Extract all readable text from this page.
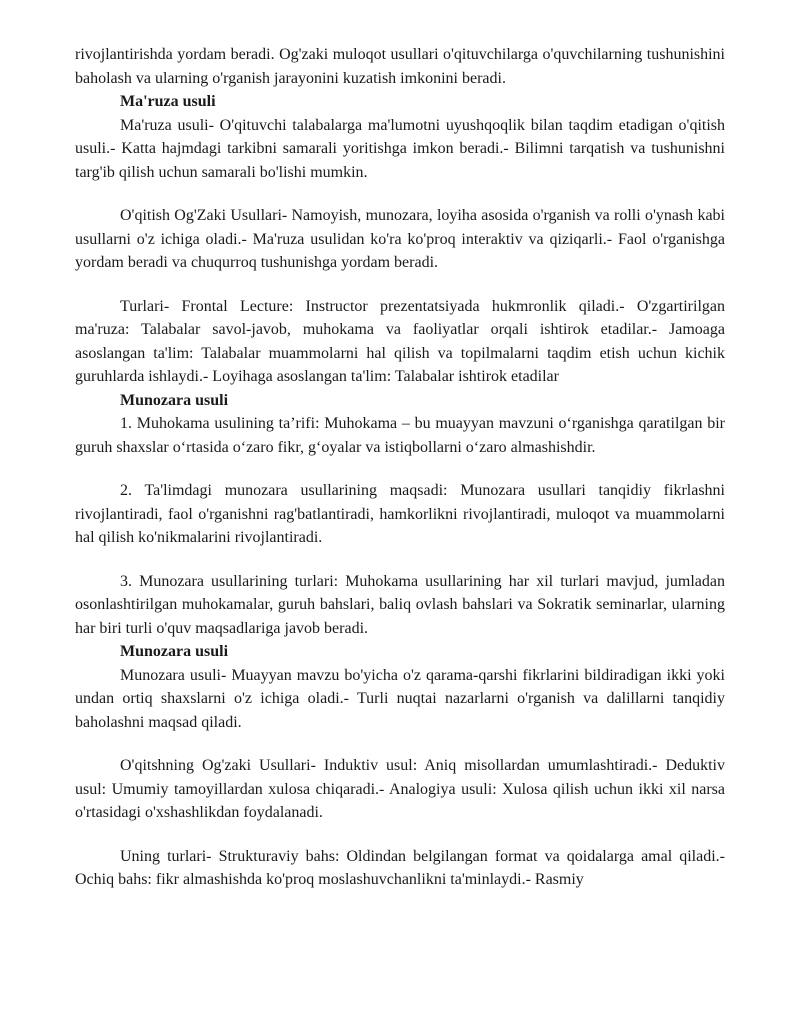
rivojlantirishda yordam beradi. Og'zaki muloqot usullari o'qituvchilarga o'quvchilarning tushunishini baholash va ularning o'rganish jarayonini kuzatish imkonini beradi.

Ma'ruza usuli

Ma'ruza usuli- O'qituvchi talabalarga ma'lumotni uyushqoqlik bilan taqdim etadigan o'qitish usuli.- Katta hajmdagi tarkibni samarali yoritishga imkon beradi.- Bilimni tarqatish va tushunishni targ'ib qilish uchun samarali bo'lishi mumkin.

O'qitish Og'Zaki Usullari- Namoyish, munozara, loyiha asosida o'rganish va rolli o'ynash kabi usullarni o'z ichiga oladi.- Ma'ruza usulidan ko'ra ko'proq interaktiv va qiziqarli.- Faol o'rganishga yordam beradi va chuqurroq tushunishga yordam beradi.

Turlari- Frontal Lecture: Instructor prezentatsiyada hukmronlik qiladi.- O'zgartirilgan ma'ruza: Talabalar savol-javob, muhokama va faoliyatlar orqali ishtirok etadilar.- Jamoaga asoslangan ta'lim: Talabalar muammolarni hal qilish va topilmalarni taqdim etish uchun kichik guruhlarda ishlaydi.- Loyihaga asoslangan ta'lim: Talabalar ishtirok etadilar

Munozara usuli

1. Muhokama usulining ta’rifi: Muhokama – bu muayyan mavzuni o‘rganishga qaratilgan bir guruh shaxslar o‘rtasida o‘zaro fikr, g‘oyalar va istiqbollarni o‘zaro almashishdir.

2. Ta'limdagi munozara usullarining maqsadi: Munozara usullari tanqidiy fikrlashni rivojlantiradi, faol o'rganishni rag'batlantiradi, hamkorlikni rivojlantiradi, muloqot va muammolarni hal qilish ko'nikmalarini rivojlantiradi.

3. Munozara usullarining turlari: Muhokama usullarining har xil turlari mavjud, jumladan osonlashtirilgan muhokamalar, guruh bahslari, baliq ovlash bahslari va Sokratik seminarlar, ularning har biri turli o'quv maqsadlariga javob beradi.

Munozara usuli

Munozara usuli- Muayyan mavzu bo'yicha o'z qarama-qarshi fikrlarini bildiradigan ikki yoki undan ortiq shaxslarni o'z ichiga oladi.- Turli nuqtai nazarlarni o'rganish va dalillarni tanqidiy baholashni maqsad qiladi.

O'qitshning Og'zaki Usullari- Induktiv usul: Aniq misollardan umumlashtiradi.- Deduktiv usul: Umumiy tamoyillardan xulosa chiqaradi.- Analogiya usuli: Xulosa qilish uchun ikki xil narsa o'rtasidagi o'xshashlikdan foydalanadi.

Uning turlari- Strukturaviy bahs: Oldindan belgilangan format va qoidalarga amal qiladi.- Ochiq bahs: fikr almashishda ko'proq moslashuvchanlikni ta'minlaydi.- Rasmiy
